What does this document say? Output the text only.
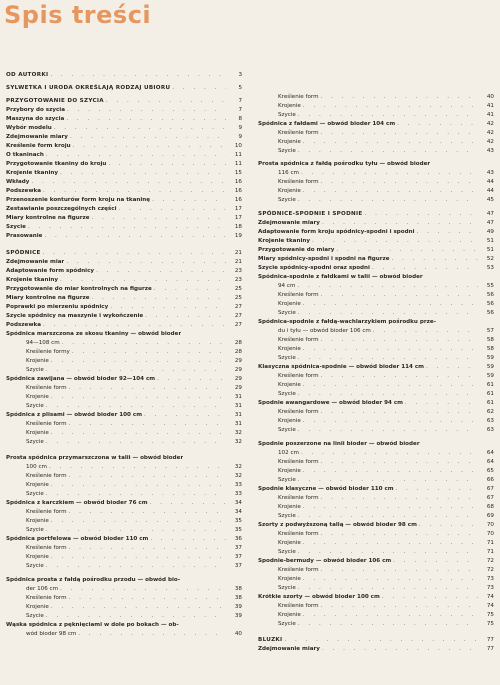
Spis treści
OD AUTORKI . . .	3
SYLWETKA I URODA OKREŚLAJĄ RODZAJ UBIORU . . .	5
PRZYGOTOWANIE DO SZYCIA . . .	7
Przybory do szycia . . .	7
Maszyna do szycia . . .	8
Wybór modelu . . .	9
Zdejmowanie miary . . .	9
Kreślenie form kroju . . .	10
O tkaninach . . .	11
Przygotowanie tkaniny do kroju . . .	11
Krojenie tkaniny . . .	15
Wkłady . . .	16
Podszewka . . .	16
Przenoszenie konturów form kroju na tkaninę . . .	16
Zestawianie poszczególnych części . . .	17
Miary kontrolne na figurze . . .	17
Szycie . . .	18
Prasowanie . . .	19
SPÓDNICE . . .	21
Zdejmowanie miar . . .	21
Adaptowanie form spódnicy . . .	23
Krojenie tkaniny . . .	23
Przygotowanie do miar kontrolnych na figurze . . .	25
Miary kontrolne na figurze . . .	25
Poprawki po mierzeniu spódnicy . . .	27
Szycie spódnicy na maszynie i wykończenie . . .	27
Podszewka . . .	27
Spódnica marszczona ze skosu tkaniny — obwód bioder
94—108 cm . . .	28
Kreślenie formy . . .	28
Krojenie . . .	29
Szycie . . .	29
Spódnica zawijana — obwód bioder 92—104 cm . . .	29
Kreślenie form . . .	29
Krojenie . . .	31
Szycie . . .	31
Spódnica z plisami — obwód bioder 100 cm . . .	31
Kreślenie form . . .	31
Krojenie . . .	32
Szycie . . .	32
Prosta spódnica przymarszczona w talii — obwód bioder
100 cm . . .	32
Kreślenie form . . .	32
Krojenie . . .	33
Szycie . . .	33
Spódnica z karczkiem — obwód bioder 76 cm . . .	34
Kreślenie form . . .	34
Krojenie . . .	35
Szycie . . .	35
Spódnica portfelowa — obwód bioder 110 cm . . .	36
Kreślenie form . . .	37
Krojenie . . .	37
Szycie . . .	37
Spódnica prosta z fałdą pośrodku przodu — obwód bio-
der 106 cm . . .	38
Kreślenie form . . .	38
Krojenie . . .	39
Szycie . . .	39
Wąska spódnica z pęknięciami w dole po bokach — ob-
wód bioder 98 cm . . .	40
Kreślenie form . . .	40
Krojenie . . .	41
Szycie . . .	41
Spódnica z fałdami — obwód bioder 104 cm . . .	42
Kreślenie form . . .	42
Krojenie . . .	42
Szycie . . .	43
Prosta spódnica z fałdą pośrodku tyłu — obwód bioder
116 cm . . .	43
Kreślenie form . . .	44
Krojenie . . .	44
Szycie . . .	45
SPÓDNICE-SPODNIE I SPODNIE . . .	47
Zdejmowanie miary . . .	47
Adaptowanie form kroju spódnicy-spodni i spodni . . .	49
Krojenie tkaniny . . .	51
Przygotowanie do miary . . .	51
Miary spódnicy-spodni i spodni na figurze . . .	52
Szycie spódnicy-spodni oraz spodni . . .	53
Spódnica-spodnie z fałdkami w talii — obwód bioder
94 cm . . .	55
Kreślenie form . . .	56
Krojenie . . .	56
Szycie . . .	56
Spódnica-spodnie z fałdą-wachlarzykiem pośrodku prze-
du i tyłu — obwód bioder 106 cm . . .	57
Kreślenie form . . .	58
Krojenie . . .	58
Szycie . . .	59
Klasyczna spódnica-spodnie — obwód bioder 114 cm . . .	59
Kreślenie form . . .	59
Krojenie . . .	61
Szycie . . .	61
Spodnie awangardowe — obwód bioder 94 cm . . .	61
Kreślenie form . . .	62
Krojenie . . .	63
Szycie . . .	63
Spodnie poszerzone na linii bioder — obwód bioder
102 cm . . .	64
Kreślenie form . . .	64
Krojenie . . .	65
Szycie . . .	66
Spodnie klasyczne — obwód bioder 110 cm . . .	67
Kreślenie form . . .	67
Krojenie . . .	68
Szycie . . .	69
Szorty z podwyższoną talią — obwód bioder 98 cm . . .	70
Kreślenie form . . .	70
Krojenie . . .	71
Szycie . . .	71
Spodnie-bermudy — obwód bioder 106 cm . . .	72
Kreślenie form . . .	72
Krojenie . . .	73
Szycie . . .	73
Krótkie szorty — obwód bioder 100 cm . . .	74
Kreślenie form . . .	74
Krojenie . . .	75
Szycie . . .	75
BLUZKI . . .	77
Zdejmowanie miary . . .	77
